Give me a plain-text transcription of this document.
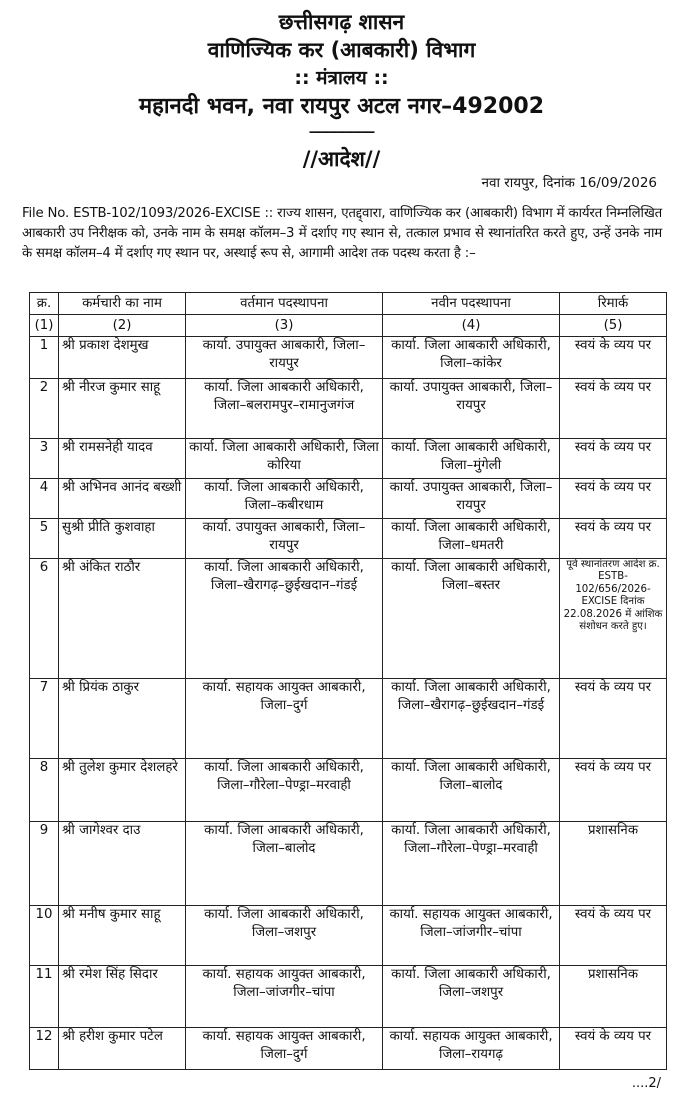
छत्तीसगढ़ शासन
वाणिज्यिक कर (आबकारी) विभाग
:: मंत्रालय ::
महानदी भवन, नवा रायपुर अटल नगर–492002
________
//आदेश//
नवा रायपुर, दिनांक 16/09/2026
File No. ESTB-102/1093/2026-EXCISE :: राज्य शासन, एतद्द्वारा, वाणिज्यिक कर (आबकारी) विभाग में कार्यरत निम्नलिखित आबकारी उप निरीक्षक को, उनके नाम के समक्ष कॉलम–3 में दर्शाए गए स्थान से, तत्काल प्रभाव से स्थानांतरित करते हुए, उन्हें उनके नाम के समक्ष कॉलम–4 में दर्शाए गए स्थान पर, अस्थाई रूप से, आगामी आदेश तक पदस्थ करता है :–
क्र.	कर्मचारी का नाम	वर्तमान पदस्थापना	नवीन पदस्थापना	रिमार्क
(1)	(2)	(3)	(4)	(5)
1	श्री प्रकाश देशमुख	कार्या. उपायुक्त आबकारी, जिला–रायपुर	कार्या. जिला आबकारी अधिकारी, जिला–कांकेर	स्वयं के व्यय पर
2	श्री नीरज कुमार साहू	कार्या. जिला आबकारी अधिकारी, जिला–बलरामपुर–रामानुजगंज	कार्या. उपायुक्त आबकारी, जिला–रायपुर	स्वयं के व्यय पर
3	श्री रामसनेही यादव	कार्या. जिला आबकारी अधिकारी, जिला कोरिया	कार्या. जिला आबकारी अधिकारी, जिला–मुंगेली	स्वयं के व्यय पर
4	श्री अभिनव आनंद बख्शी	कार्या. जिला आबकारी अधिकारी, जिला–कबीरधाम	कार्या. उपायुक्त आबकारी, जिला–रायपुर	स्वयं के व्यय पर
5	सुश्री प्रीति कुशवाहा	कार्या. उपायुक्त आबकारी, जिला–रायपुर	कार्या. जिला आबकारी अधिकारी, जिला–धमतरी	स्वयं के व्यय पर
6	श्री अंकित राठौर	कार्या. जिला आबकारी अधिकारी, जिला–खैरागढ़–छुईखदान–गंडई	कार्या. जिला आबकारी अधिकारी, जिला–बस्तर	पूर्व स्थानांतरण आदेश क्र. ESTB-102/656/2026-EXCISE दिनांक 22.08.2026 में आंशिक संशोधन करते हुए।

7	श्री प्रियंक ठाकुर	कार्या. सहायक आयुक्त आबकारी, जिला–दुर्ग	कार्या. जिला आबकारी अधिकारी, जिला–खैरागढ़–छुईखदान–गंडई	स्वयं के व्यय पर
8	श्री तुलेश कुमार देशलहरे	कार्या. जिला आबकारी अधिकारी, जिला–गौरेला–पेण्ड्रा–मरवाही	कार्या. जिला आबकारी अधिकारी, जिला–बालोद	स्वयं के व्यय पर
9	श्री जागेश्वर दाउ	कार्या. जिला आबकारी अधिकारी, जिला–बालोद	कार्या. जिला आबकारी अधिकारी, जिला–गौरेला–पेण्ड्रा–मरवाही	प्रशासनिक
10	श्री मनीष कुमार साहू	कार्या. जिला आबकारी अधिकारी, जिला–जशपुर	कार्या. सहायक आयुक्त आबकारी, जिला–जांजगीर–चांपा	स्वयं के व्यय पर
11	श्री रमेश सिंह सिदार	कार्या. सहायक आयुक्त आबकारी, जिला–जांजगीर–चांपा	कार्या. जिला आबकारी अधिकारी, जिला–जशपुर	प्रशासनिक
12	श्री हरीश कुमार पटेल	कार्या. सहायक आयुक्त आबकारी, जिला–दुर्ग	कार्या. सहायक आयुक्त आबकारी, जिला–रायगढ़	स्वयं के व्यय पर
....2/
